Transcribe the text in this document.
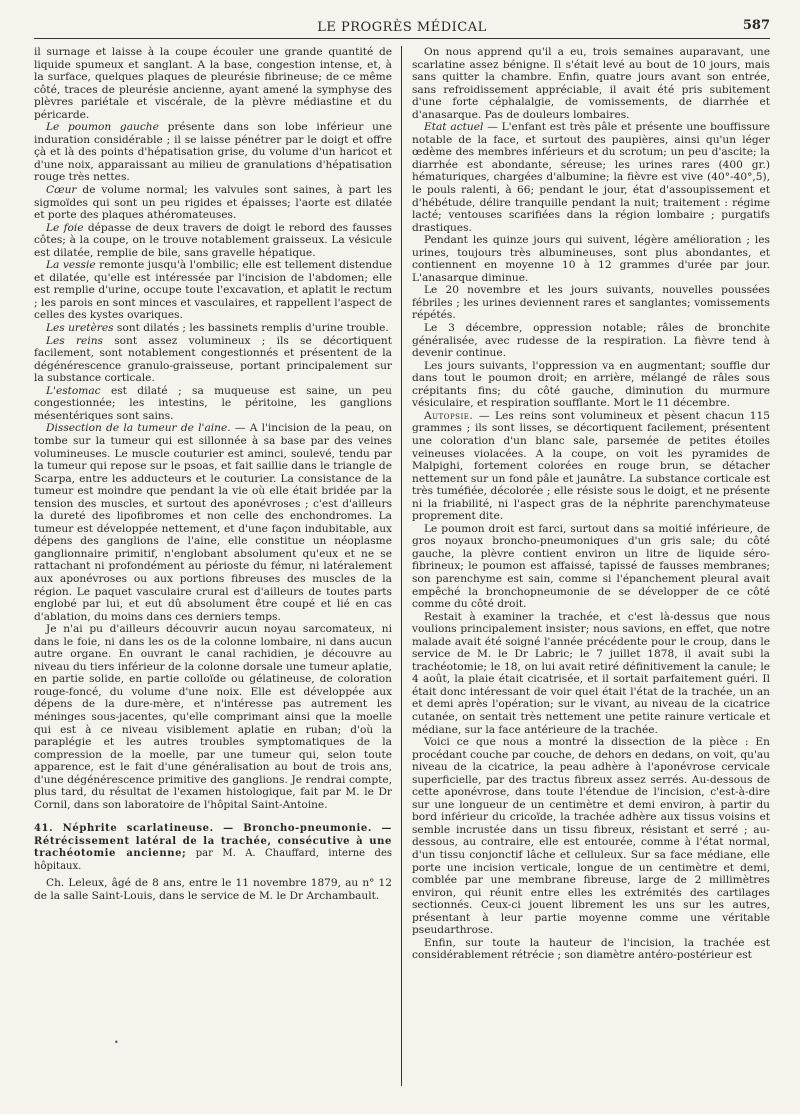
LE PROGRÈS MÉDICAL	587

il surnage et laisse à la coupe écouler une grande quantité de liquide spumeux et sanglant. A la base, congestion intense, et, à la surface, quelques plaques de pleurésie fibrineuse; de ce même côté, traces de pleurésie ancienne, ayant amené la symphyse des plèvres pariétale et viscérale, de la plèvre médiastine et du péricarde.

Le poumon gauche présente dans son lobe inférieur une induration considérable ; il se laisse pénétrer par le doigt et offre çà et là des points d'hépatisation grise, du volume d'un haricot et d'une noix, apparaissant au milieu de granulations d'hépatisation rouge très nettes.

Cœur de volume normal; les valvules sont saines, à part les sigmoïdes qui sont un peu rigides et épaisses; l'aorte est dilatée et porte des plaques athéromateuses.

Le foie dépasse de deux travers de doigt le rebord des fausses côtes; à la coupe, on le trouve notablement graisseux. La vésicule est dilatée, remplie de bile, sans gravelle hépatique.

La vessie remonte jusqu'à l'ombilic; elle est tellement distendue et dilatée, qu'elle est intéressée par l'incision de l'abdomen; elle est remplie d'urine, occupe toute l'excavation, et aplatit le rectum ; les parois en sont minces et vasculaires, et rappellent l'aspect de celles des kystes ovariques.

Les uretères sont dilatés ; les bassinets remplis d'urine trouble.

Les reins sont assez volumineux ; ils se décortiquent facilement, sont notablement congestionnés et présentent de la dégénérescence granulo-graisseuse, portant principalement sur la substance corticale.

L'estomac est dilaté ; sa muqueuse est saine, un peu congestionnée; les intestins, le péritoine, les ganglions mésentériques sont sains.

Dissection de la tumeur de l'aine. — A l'incision de la peau, on tombe sur la tumeur qui est sillonnée à sa base par des veines volumineuses. Le muscle couturier est aminci, soulevé, tendu par la tumeur qui repose sur le psoas, et fait saillie dans le triangle de Scarpa, entre les adducteurs et le couturier. La consistance de la tumeur est moindre que pendant la vie où elle était bridée par la tension des muscles, et surtout des aponévroses ; c'est d'ailleurs la dureté des lipofibromes et non celle des enchondromes. La tumeur est développée nettement, et d'une façon indubitable, aux dépens des ganglions de l'aine, elle constitue un néoplasme ganglionnaire primitif, n'englobant absolument qu'eux et ne se rattachant ni profondément au périoste du fémur, ni latéralement aux aponévroses ou aux portions fibreuses des muscles de la région. Le paquet vasculaire crural est d'ailleurs de toutes parts englobé par lui, et eut dû absolument être coupé et lié en cas d'ablation, du moins dans ces derniers temps.

Je n'ai pu d'ailleurs découvrir aucun noyau sarcomateux, ni dans le foie, ni dans les os de la colonne lombaire, ni dans aucun autre organe. En ouvrant le canal rachidien, je découvre au niveau du tiers inférieur de la colonne dorsale une tumeur aplatie, en partie solide, en partie colloïde ou gélatineuse, de coloration rouge-foncé, du volume d'une noix. Elle est développée aux dépens de la dure-mère, et n'intéresse pas autrement les méninges sous-jacentes, qu'elle comprimant ainsi que la moelle qui est à ce niveau visiblement aplatie en ruban; d'où la paraplégie et les autres troubles symptomatiques de la compression de la moelle, par une tumeur qui, selon toute apparence, est le fait d'une généralisation au bout de trois ans, d'une dégénérescence primitive des ganglions. Je rendrai compte, plus tard, du résultat de l'examen histologique, fait par M. le Dr Cornil, dans son laboratoire de l'hôpital Saint-Antoine.

41. Néphrite scarlatineuse. — Broncho-pneumonie. — Rétrécissement latéral de la trachée, consécutive à une trachéotomie ancienne; par M. A. Chauffard, interne des hôpitaux.

Ch. Leleux, âgé de 8 ans, entre le 11 novembre 1879, au n° 12 de la salle Saint-Louis, dans le service de M. le Dr Archambault.

On nous apprend qu'il a eu, trois semaines auparavant, une scarlatine assez bénigne. Il s'était levé au bout de 10 jours, mais sans quitter la chambre. Enfin, quatre jours avant son entrée, sans refroidissement appréciable, il avait été pris subitement d'une forte céphalalgie, de vomissements, de diarrhée et d'anasarque. Pas de douleurs lombaires.

Etat actuel — L'enfant est très pâle et présente une bouffissure notable de la face, et surtout des paupières, ainsi qu'un léger œdème des membres inférieurs et du scrotum; un peu d'ascite; la diarrhée est abondante, séreuse; les urines rares (400 gr.) hématuriques, chargées d'albumine; la fièvre est vive (40°-40°,5), le pouls ralenti, à 66; pendant le jour, état d'assoupissement et d'hébétude, délire tranquille pendant la nuit; traitement : régime lacté; ventouses scarifiées dans la région lombaire ; purgatifs drastiques.

Pendant les quinze jours qui suivent, légère amélioration ; les urines, toujours très albumineuses, sont plus abondantes, et contiennent en moyenne 10 à 12 grammes d'urée par jour. L'anasarque diminue.

Le 20 novembre et les jours suivants, nouvelles poussées fébriles ; les urines deviennent rares et sanglantes; vomissements répétés.

Le 3 décembre, oppression notable; râles de bronchite généralisée, avec rudesse de la respiration. La fièvre tend à devenir continue.

Les jours suivants, l'oppression va en augmentant; souffle dur dans tout le poumon droit; en arrière, mélangé de râles sous crépitants fins; du côté gauche, diminution du murmure vésiculaire, et respiration soufflante. Mort le 11 décembre.

Autopsie. — Les reins sont volumineux et pèsent chacun 115 grammes ; ils sont lisses, se décortiquent facilement, présentent une coloration d'un blanc sale, parsemée de petites étoiles veineuses violacées. A la coupe, on voit les pyramides de Malpighi, fortement colorées en rouge brun, se détacher nettement sur un fond pâle et jaunâtre. La substance corticale est très tuméfiée, décolorée ; elle résiste sous le doigt, et ne présente ni la friabilité, ni l'aspect gras de la néphrite parenchymateuse proprement dite.

Le poumon droit est farci, surtout dans sa moitié inférieure, de gros noyaux broncho-pneumoniques d'un gris sale; du côté gauche, la plèvre contient environ un litre de liquide séro-fibrineux; le poumon est affaissé, tapissé de fausses membranes; son parenchyme est sain, comme si l'épanchement pleural avait empêché la bronchopneumonie de se développer de ce côté comme du côté droit.

Restait à examiner la trachée, et c'est là-dessus que nous voulions principalement insister; nous savions, en effet, que notre malade avait été soigné l'année précédente pour le croup, dans le service de M. le Dr Labric; le 7 juillet 1878, il avait subi la trachéotomie; le 18, on lui avait retiré définitivement la canule; le 4 août, la plaie était cicatrisée, et il sortait parfaitement guéri. Il était donc intéressant de voir quel était l'état de la trachée, un an et demi après l'opération; sur le vivant, au niveau de la cicatrice cutanée, on sentait très nettement une petite rainure verticale et médiane, sur la face antérieure de la trachée.

Voici ce que nous a montré la dissection de la pièce : En procédant couche par couche, de dehors en dedans, on voit, qu'au niveau de la cicatrice, la peau adhère à l'aponévrose cervicale superficielle, par des tractus fibreux assez serrés. Au-dessous de cette aponévrose, dans toute l'étendue de l'incision, c'est-à-dire sur une longueur de un centimètre et demi environ, à partir du bord inférieur du cricoïde, la trachée adhère aux tissus voisins et semble incrustée dans un tissu fibreux, résistant et serré ; au-dessous, au contraire, elle est entourée, comme à l'état normal, d'un tissu conjonctif lâche et celluleux. Sur sa face médiane, elle porte une incision verticale, longue de un centimètre et demi, comblée par une membrane fibreuse, large de 2 millimètres environ, qui réunit entre elles les extrémités des cartilages sectionnés. Ceux-ci jouent librement les uns sur les autres, présentant à leur partie moyenne comme une véritable pseudarthrose.

Enfin, sur toute la hauteur de l'incision, la trachée est considérablement rétrécie ; son diamètre antéro-postérieur est

•
